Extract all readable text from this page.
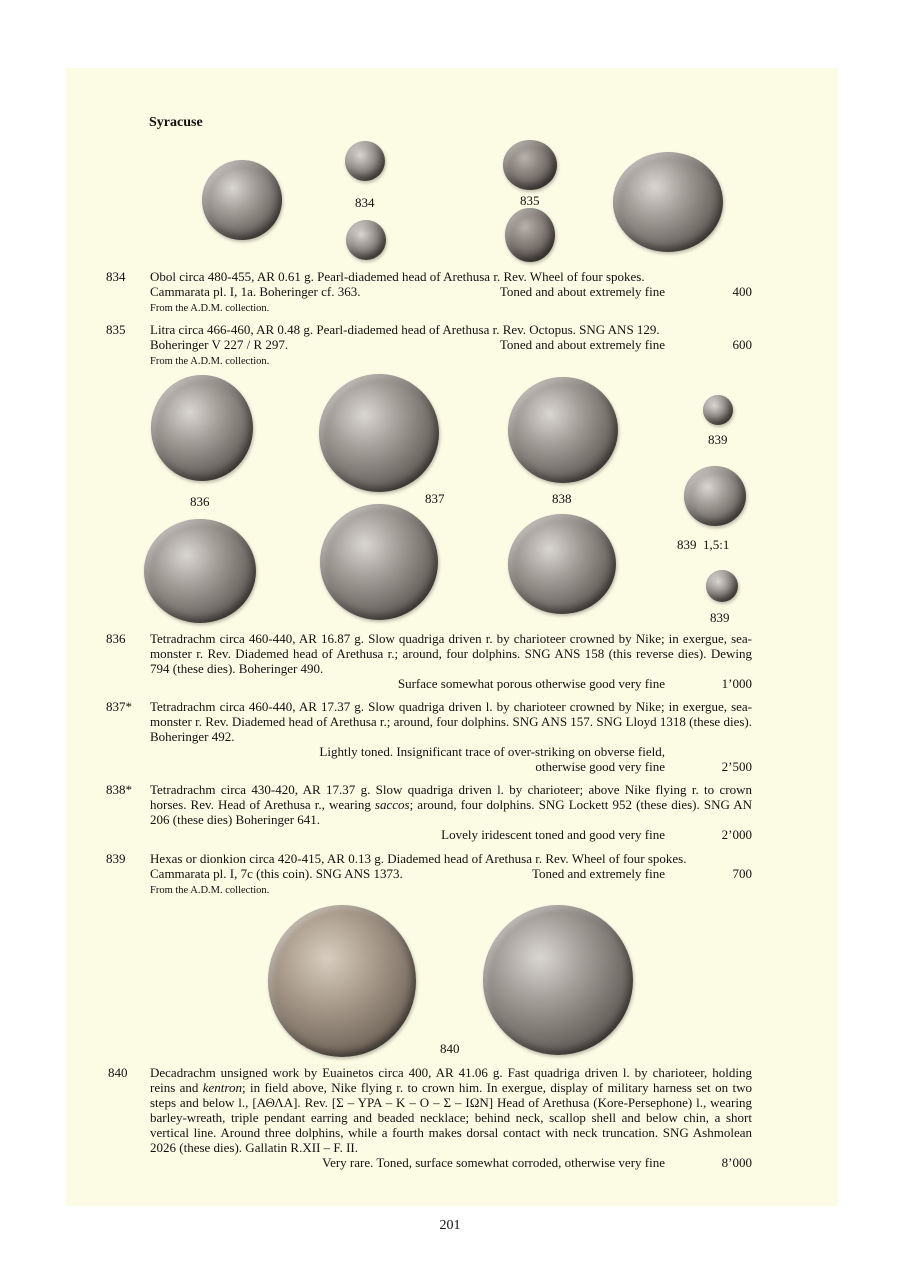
Syracuse
834	835
839
836	837	838
839  1,5:1
839
840
834 Obol circa 480-455, AR 0.61 g. Pearl-diademed head of Arethusa r. Rev. Wheel of four spokes.
Cammarata pl. I, 1a. Boheringer cf. 363.	Toned and about extremely fine	400
From the A.D.M. collection.
835 Litra circa 466-460, AR 0.48 g. Pearl-diademed head of Arethusa r. Rev. Octopus. SNG ANS 129.
Boheringer V 227 / R 297.	Toned and about extremely fine	600
From the A.D.M. collection.
836 Tetradrachm circa 460-440, AR 16.87 g. Slow quadriga driven r. by charioteer crowned by Nike; in exergue, sea-monster r. Rev. Diademed head of Arethusa r.; around, four dolphins. SNG ANS 158 (this reverse dies). Dewing 794 (these dies). Boheringer 490.
Surface somewhat porous otherwise good very fine	1’000
837* Tetradrachm circa 460-440, AR 17.37 g. Slow quadriga driven l. by charioteer crowned by Nike; in exergue, sea-monster r. Rev. Diademed head of Arethusa r.; around, four dolphins. SNG ANS 157. SNG Lloyd 1318 (these dies). Boheringer 492.
Lightly toned. Insignificant trace of over-striking on obverse field,
otherwise good very fine	2’500
838* Tetradrachm circa 430-420, AR 17.37 g. Slow quadriga driven l. by charioteer; above Nike flying r. to crown horses. Rev. Head of Arethusa r., wearing saccos; around, four dolphins. SNG Lockett 952 (these dies). SNG AN 206 (these dies) Boheringer 641.
Lovely iridescent toned and good very fine	2’000
839 Hexas or dionkion circa 420-415, AR 0.13 g. Diademed head of Arethusa r. Rev. Wheel of four spokes.
Cammarata pl. I, 7c (this coin). SNG ANS 1373.	Toned and extremely fine	700
From the A.D.M. collection.
840 Decadrachm unsigned work by Euainetos circa 400, AR 41.06 g. Fast quadriga driven l. by charioteer, holding reins and kentron; in field above, Nike flying r. to crown him. In exergue, display of military harness set on two steps and below l., [ΑΘΛΑ]. Rev. [Σ – ΥΡΑ – Κ – Ο – Σ – ΙΩΝ] Head of Arethusa (Kore-Persephone) l., wearing barley-wreath, triple pendant earring and beaded necklace; behind neck, scallop shell and below chin, a short vertical line. Around three dolphins, while a fourth makes dorsal contact with neck truncation. SNG Ashmolean 2026 (these dies). Gallatin R.XII – F. II.
Very rare. Toned, surface somewhat corroded, otherwise very fine	8’000
201
